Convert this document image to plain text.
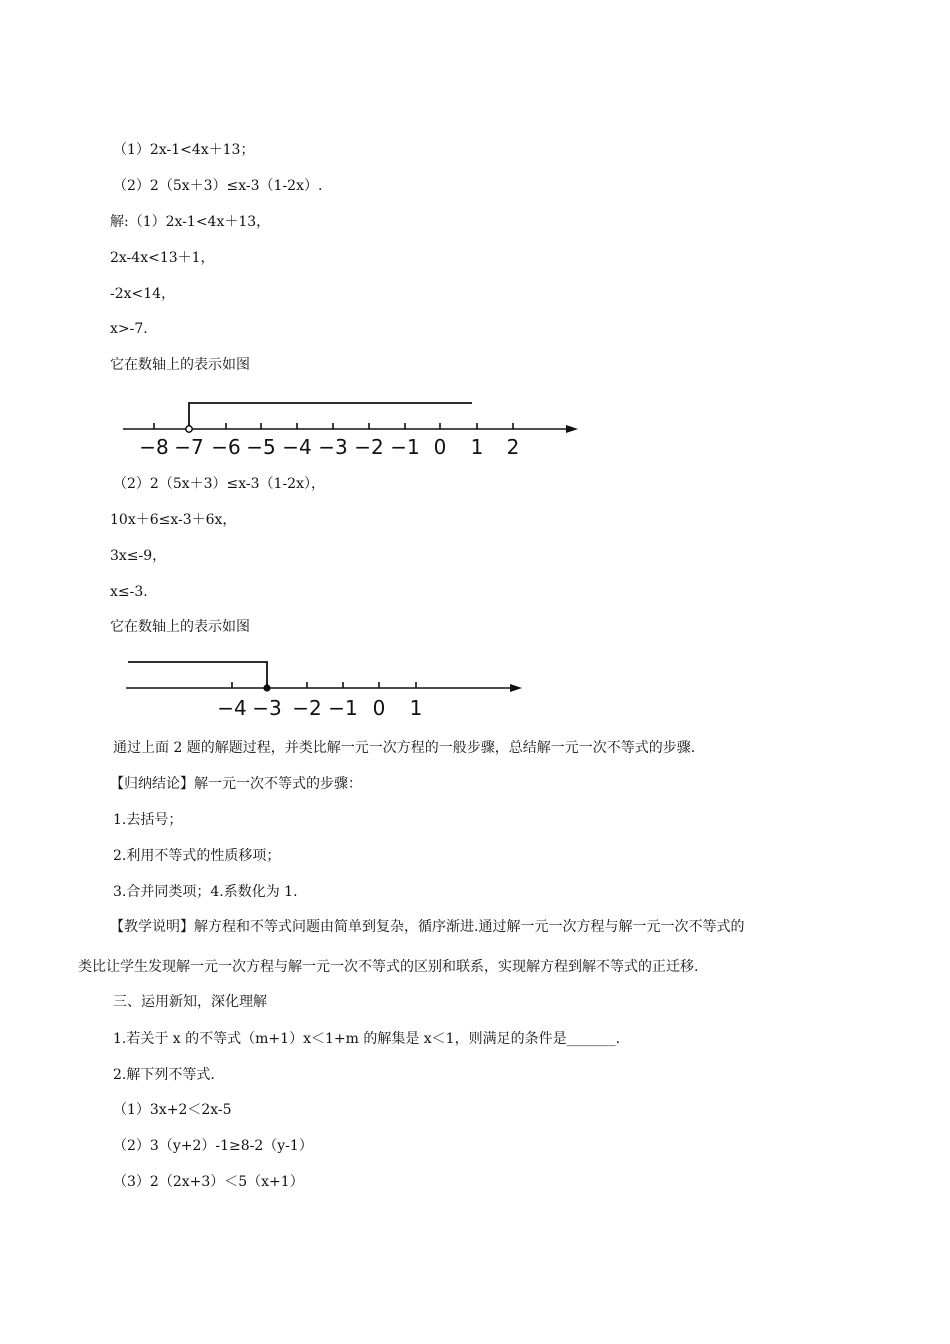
（1）2x-1<4x＋13；
（2）2（5x＋3）≤x-3（1-2x）.
解:（1）2x-1<4x＋13，
2x-4x<13＋1，
-2x<14，
x>-7.
它在数轴上的表示如图
−8 −7 −6 −5 −4 −3 −2 −1 0 1 2
（2）2（5x＋3）≤x-3（1-2x），
10x＋6≤x-3＋6x，
3x≤-9，
x≤-3.
它在数轴上的表示如图
−4 −3 −2 −1 0 1
通过上面 2 题的解题过程，并类比解一元一次方程的一般步骤，总结解一元一次不等式的步骤.
【归纳结论】解一元一次不等式的步骤：
1.去括号；
2.利用不等式的性质移项；
3.合并同类项；4.系数化为 1.
【教学说明】解方程和不等式问题由简单到复杂，循序渐进.通过解一元一次方程与解一元一次不等式的
类比让学生发现解一元一次方程与解一元一次不等式的区别和联系，实现解方程到解不等式的正迁移.
三、运用新知，深化理解
1.若关于 x 的不等式（m+1）x＜1+m 的解集是 x＜1，则满足的条件是_______.
2.解下列不等式.
（1）3x+2＜2x-5
（2）3（y+2）-1≥8-2（y-1）
（3）2（2x+3）＜5（x+1）
